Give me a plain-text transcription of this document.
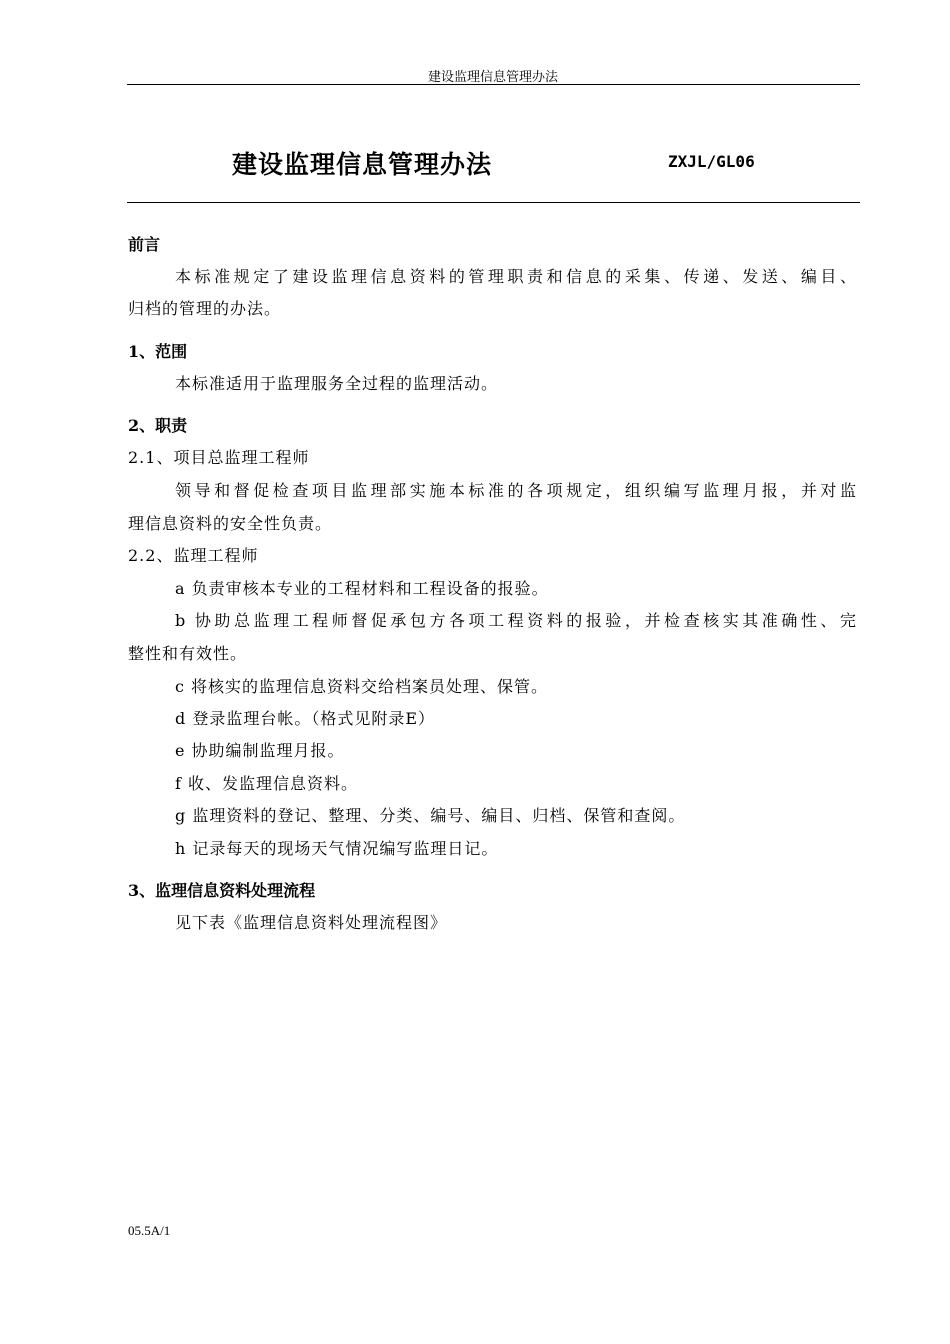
建设监理信息管理办法
建设监理信息管理办法	ZXJL/GL06
前言
本标准规定了建设监理信息资料的管理职责和信息的采集、传递、发送、编目、
归档的管理的办法。
1、范围
本标准适用于监理服务全过程的监理活动。
2、职责
2.1、项目总监理工程师
领导和督促检查项目监理部实施本标准的各项规定，组织编写监理月报，并对监
理信息资料的安全性负责。
2.2、监理工程师
a 负责审核本专业的工程材料和工程设备的报验。
b 协助总监理工程师督促承包方各项工程资料的报验，并检查核实其准确性、完
整性和有效性。
c 将核实的监理信息资料交给档案员处理、保管。
d 登录监理台帐。（格式见附录E）
e 协助编制监理月报。
f 收、发监理信息资料。
g 监理资料的登记、整理、分类、编号、编目、归档、保管和查阅。
h 记录每天的现场天气情况编写监理日记。
3、监理信息资料处理流程
见下表《监理信息资料处理流程图》
05.5A/1
